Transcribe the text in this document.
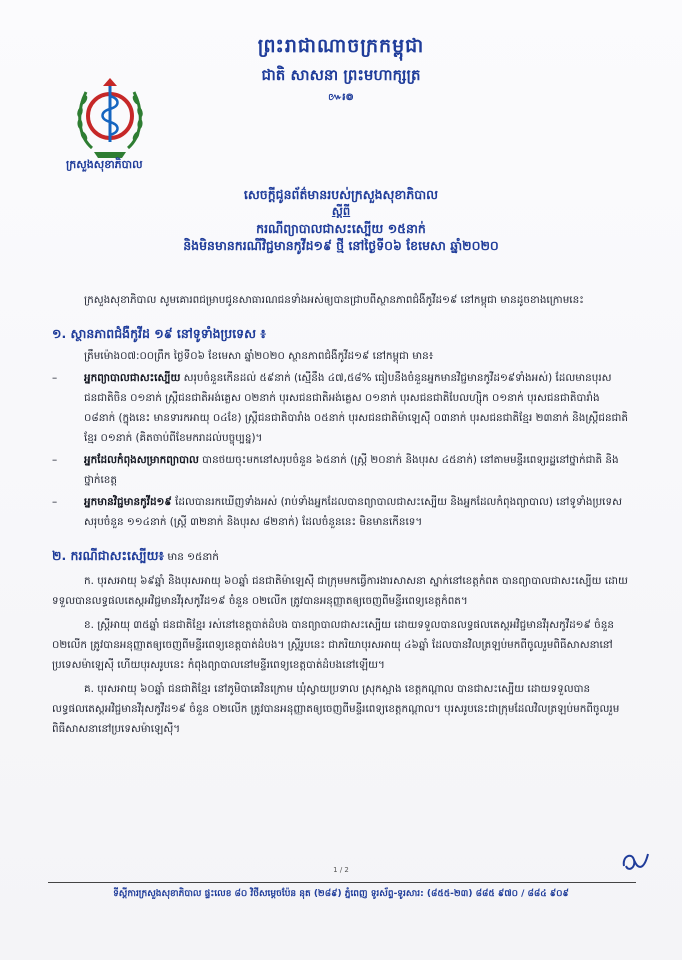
ព្រះរាជាណាចក្រកម្ពុជា
ជាតិ សាសនា ព្រះមហាក្សត្រ
៚៛៙
ក្រសួងសុខាភិបាល
សេចក្តីជូនព័ត៌មានរបស់ក្រសួងសុខាភិបាល
ស្តីពី
ករណីព្យាបាលជាសះស្បើយ ១៥នាក់
និងមិនមានករណីវិជ្ជមានកូវីដ១៩ ថ្មី នៅថ្ងៃទី០៦ ខែមេសា ឆ្នាំ២០២០

ក្រសួងសុខាភិបាល សូមគោរពជម្រាបជូនសាធារណជនទាំងអស់ឲ្យបានជ្រាបពីស្ថានភាពជំងឺកូវីដ១៩ នៅកម្ពុជា មានដូចខាងក្រោមនេះ

១. ស្ថានភាពជំងឺកូវីដ ១៩ នៅទូទាំងប្រទេស ៖

ត្រឹមម៉ោង០៧:០០ព្រឹក ថ្ងៃទី០៦ ខែមេសា ឆ្នាំ២០២០ ស្ថានភាពជំងឺកូវីដ១៩ នៅកម្ពុជា មាន៖

–	អ្នកព្យាបាលជាសះស្បើយ សរុបចំនួនកើនដល់ ៥៩នាក់ (ស្មើនឹង ៤៧,៥៨% ធៀបនឹងចំនួនអ្នកមានវិជ្ជមានកូវីដ១៩ទាំងអស់) ដែលមានបុរសជនជាតិចិន ០១នាក់ ស្ត្រីជនជាតិអង់គ្លេស ០២នាក់ បុរសជនជាតិអង់គ្លេស ០១នាក់ បុរសជនជាតិបែលហ្ស៊ិក ០១នាក់ បុរសជនជាតិបារាំង ០៨នាក់ (ក្នុងនេះ មានទារកអាយុ ០៤ខែ) ស្ត្រីជនជាតិបារាំង ០៥នាក់ បុរសជនជាតិម៉ាឡេស៊ី ០៣នាក់ បុរសជនជាតិខ្មែរ ២៣នាក់ និងស្ត្រីជនជាតិខ្មែរ ០១នាក់ (គិតចាប់ពីខែមករាដល់បច្ចុប្បន្ន)។

–	អ្នកដែលកំពុងសម្រាកព្យាបាល បានថយចុះមកនៅសរុបចំនួន ៦៥នាក់ (ស្ត្រី ២០នាក់ និងបុរស ៤៥នាក់) នៅតាមមន្ទីរពេទ្យរដ្ឋនៅថ្នាក់ជាតិ និងថ្នាក់ខេត្ត

–	អ្នកមានវិជ្ជមានកូវីដ១៩ ដែលបានរកឃើញទាំងអស់ (រាប់ទាំងអ្នកដែលបានព្យាបាលជាសះស្បើយ និងអ្នកដែលកំពុងព្យាបាល) នៅទូទាំងប្រទេសសរុបចំនួន ១១៤នាក់ (ស្ត្រី ៣២នាក់ និងបុរស ៨២នាក់) ដែលចំនួននេះ មិនមានកើនទេ។

២. ករណីជាសះស្បើយ៖ មាន ១៥នាក់

ក. បុរសអាយុ ៦៩ឆ្នាំ និងបុរសអាយុ ៦០ឆ្នាំ ជនជាតិម៉ាឡេស៊ី ជាក្រុមមកធ្វើការងារសាសនា ស្នាក់នៅខេត្តកំពត បានព្យាបាលជាសះស្បើយ ដោយទទួលបានលទ្ធផលតេស្តអវិជ្ជមានវីរុសកូវីដ១៩ ចំនួន ០២លើក ត្រូវបានអនុញ្ញាតឲ្យចេញពីមន្ទីរពេទ្យខេត្តកំពត។

ខ. ស្ត្រីអាយុ ៣៥ឆ្នាំ ជនជាតិខ្មែរ រស់នៅខេត្តបាត់ដំបង បានព្យាបាលជាសះស្បើយ ដោយទទួលបានលទ្ធផលតេស្តអវិជ្ជមានវីរុសកូវីដ១៩ ចំនួន ០២លើក ត្រូវបានអនុញ្ញាតឲ្យចេញពីមន្ទីរពេទ្យខេត្តបាត់ដំបង។ ស្ត្រីរូបនេះ ជាភរិយាបុរសអាយុ ៤៦ឆ្នាំ ដែលបានវិលត្រឡប់មកពីចូលរួមពិធីសាសនានៅប្រទេសម៉ាឡេស៊ី ហើយបុរសរូបនេះ កំពុងព្យាបាលនៅមន្ទីរពេទ្យខេត្តបាត់ដំបងនៅឡើយ។

គ. បុរសអាយុ ៦០ឆ្នាំ ជនជាតិខ្មែរ នៅភូមិបាគេវិនក្រោម ឃុំស្វាយប្រទាល ស្រុកស្អាង ខេត្តកណ្តាល បានជាសះស្បើយ ដោយទទួលបានលទ្ធផលតេស្តអវិជ្ជមានវីរុសកូវីដ១៩ ចំនួន ០២លើក ត្រូវបានអនុញ្ញាតឲ្យចេញពីមន្ទីរពេទ្យខេត្តកណ្តាល។ បុរសរូបនេះជាក្រុមដែលវិលត្រឡប់មកពីចូលរួមពិធីសាសនានៅប្រទេសម៉ាឡេស៊ី។

1 / 2
ទីស្តីការក្រសួងសុខាភិបាល ផ្ទះលេខ ៨០ វិថីសម្តេចប៉ែន នុត (២៨៩) ភ្នំពេញ ទូរស័ព្ទ-ទូរសារ: (៨៥៥-២៣) ៨៨៥ ៩៧០ / ៨៨៤ ៩០៩
